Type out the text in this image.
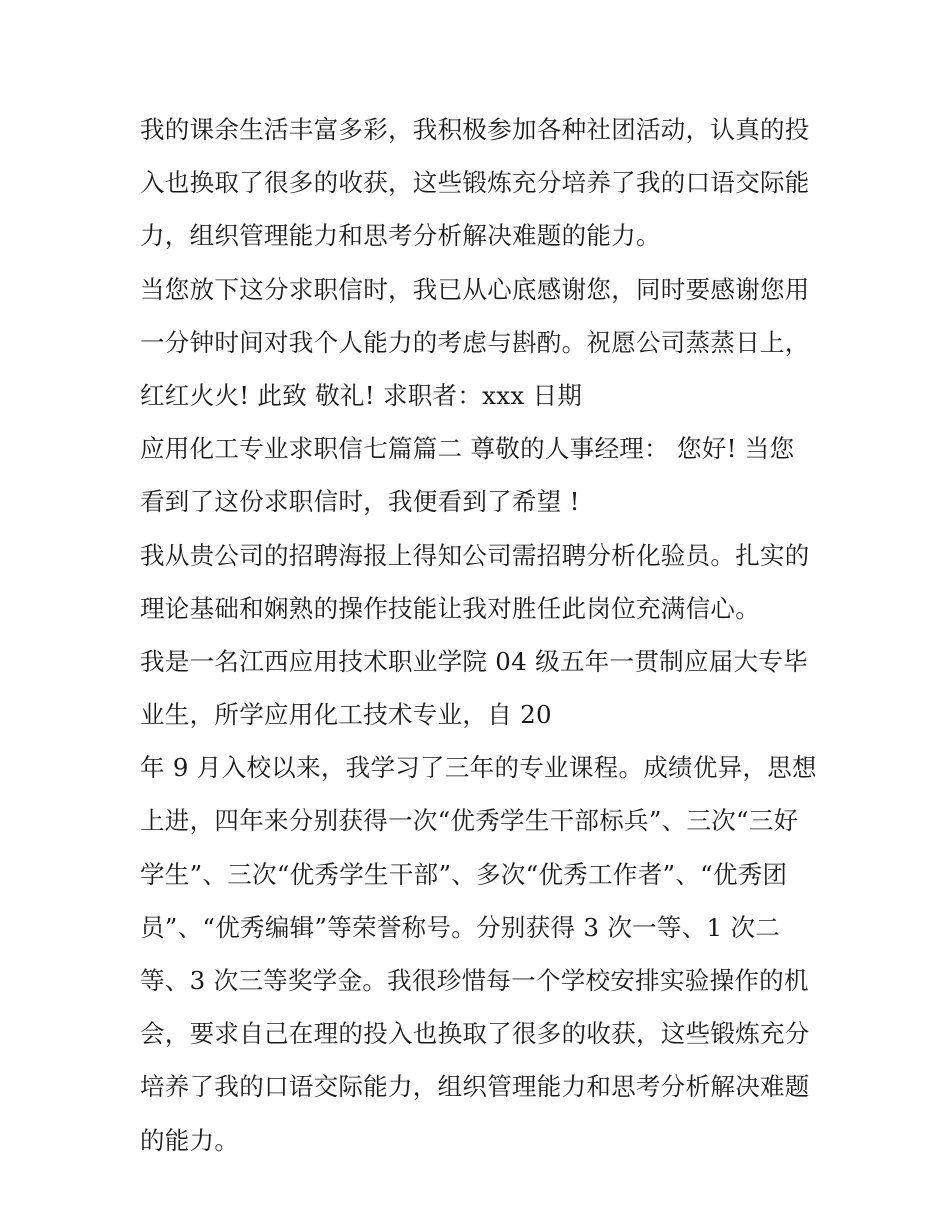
我的课余生活丰富多彩，我积极参加各种社团活动，认真的投
入也换取了很多的收获，这些锻炼充分培养了我的口语交际能
力，组织管理能力和思考分析解决难题的能力。
当您放下这分求职信时，我已从心底感谢您，同时要感谢您用
一分钟时间对我个人能力的考虑与斟酌。祝愿公司蒸蒸日上，
红红火火! 此致 敬礼! 求职者：xxx 日期
应用化工专业求职信七篇篇二 尊敬的人事经理： 您好! 当您
看到了这份求职信时，我便看到了希望 !
我从贵公司的招聘海报上得知公司需招聘分析化验员。扎实的
理论基础和娴熟的操作技能让我对胜任此岗位充满信心。
我是一名江西应用技术职业学院 04 级五年一贯制应届大专毕
业生，所学应用化工技术专业，自 20
年 9 月入校以来，我学习了三年的专业课程。成绩优异，思想
上进，四年来分别获得一次“优秀学生干部标兵”、三次“三好
学生”、三次“优秀学生干部”、多次“优秀工作者”、“优秀团
员”、“优秀编辑”等荣誉称号。分别获得 3 次一等、1 次二
等、3 次三等奖学金。我很珍惜每一个学校安排实验操作的机
会，要求自己在理的投入也换取了很多的收获，这些锻炼充分
培养了我的口语交际能力，组织管理能力和思考分析解决难题
的能力。
